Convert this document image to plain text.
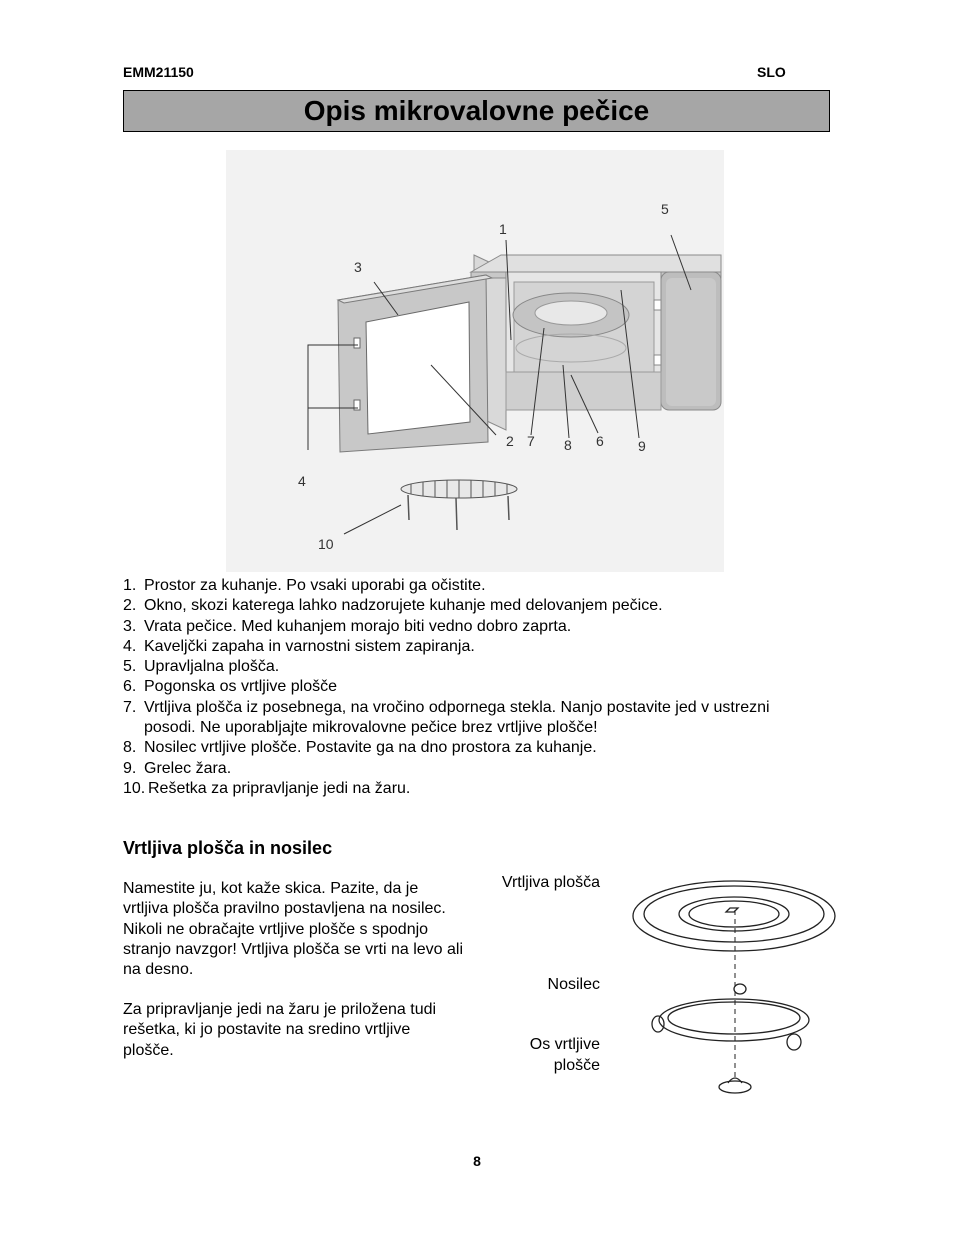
EMM21150	SLO
Opis mikrovalovne pečice
1
3
5
4
2 7 8 6 9
10
1. Prostor za kuhanje. Po vsaki uporabi ga očistite.
2. Okno, skozi katerega lahko nadzorujete kuhanje med delovanjem pečice.
3. Vrata pečice. Med kuhanjem morajo biti vedno dobro zaprta.
4. Kaveljčki zapaha in varnostni sistem zapiranja.
5. Upravljalna plošča.
6. Pogonska os vrtljive plošče
7. Vrtljiva plošča iz posebnega, na vročino odpornega stekla. Nanjo postavite jed v ustrezni posodi. Ne uporabljajte mikrovalovne pečice brez vrtljive plošče!
8. Nosilec vrtljive plošče. Postavite ga na dno prostora za kuhanje.
9. Grelec žara.
10. Rešetka za pripravljanje jedi na žaru.
Vrtljiva plošča in nosilec
Namestite ju, kot kaže skica. Pazite, da je vrtljiva plošča pravilno postavljena na nosilec. Nikoli ne obračajte vrtljive plošče s spodnjo stranjo navzgor! Vrtljiva plošča se vrti na levo ali na desno.
Za pripravljanje jedi na žaru je priložena tudi rešetka, ki jo postavite na sredino vrtljive plošče.
Vrtljiva plošča
Nosilec
Os vrtljive
plošče
8
